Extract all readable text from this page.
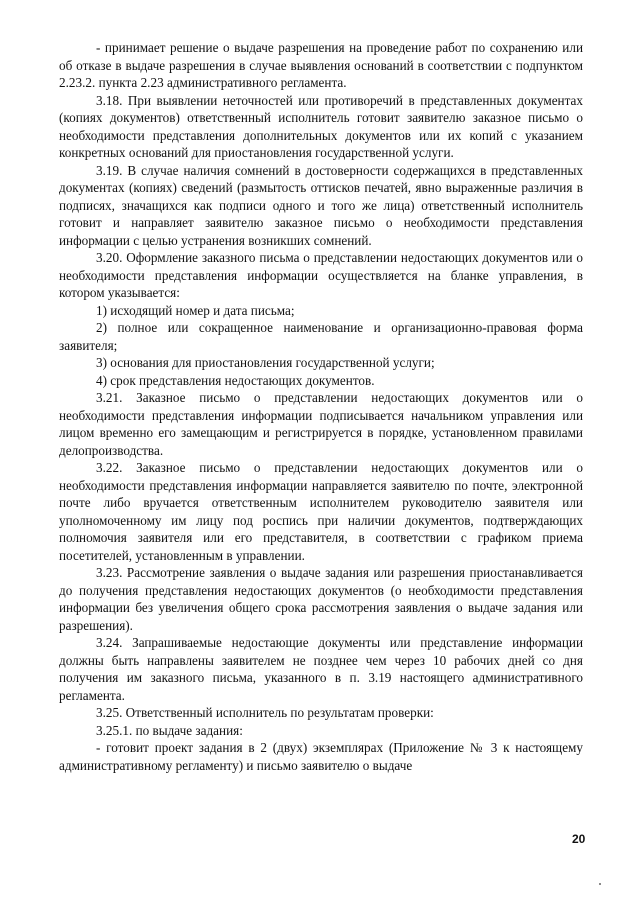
- принимает решение о выдаче разрешения на проведение работ по сохранению или об отказе в выдаче разрешения в случае выявления оснований в соответствии с подпунктом 2.23.2. пункта 2.23 административного регламента.

3.18. При выявлении неточностей или противоречий в представленных документах (копиях документов) ответственный исполнитель готовит заявителю заказное письмо о необходимости представления дополнительных документов или их копий с указанием конкретных оснований для приостановления государственной услуги.

3.19. В случае наличия сомнений в достоверности содержащихся в представленных документах (копиях) сведений (размытость оттисков печатей, явно выраженные различия в подписях, значащихся как подписи одного и того же лица) ответственный исполнитель готовит и направляет заявителю заказное письмо о необходимости представления информации с целью устранения возникших сомнений.

3.20. Оформление заказного письма о представлении недостающих документов или о необходимости представления информации осуществляется на бланке управления, в котором указывается:

1) исходящий номер и дата письма;

2) полное или сокращенное наименование и организационно-правовая форма заявителя;

3) основания для приостановления государственной услуги;

4) срок представления недостающих документов.

3.21. Заказное письмо о представлении недостающих документов или о необходимости представления информации подписывается начальником управления или лицом временно его замещающим и регистрируется в порядке, установленном правилами делопроизводства.

3.22. Заказное письмо о представлении недостающих документов или о необходимости представления информации направляется заявителю по почте, электронной почте либо вручается ответственным исполнителем руководителю заявителя или уполномоченному им лицу под роспись при наличии документов, подтверждающих полномочия заявителя или его представителя, в соответствии с графиком приема посетителей, установленным в управлении.

3.23. Рассмотрение заявления о выдаче задания или разрешения приостанавливается до получения представления недостающих документов (о необходимости представления информации без увеличения общего срока рассмотрения заявления о выдаче задания или разрешения).

3.24. Запрашиваемые недостающие документы или представление информации должны быть направлены заявителем не позднее чем через 10 рабочих дней со дня получения им заказного письма, указанного в п. 3.19 настоящего административного регламента.

3.25. Ответственный исполнитель по результатам проверки:

3.25.1. по выдаче задания:

- готовит проект задания в 2 (двух) экземплярах (Приложение № 3 к настоящему административному регламенту) и письмо заявителю о выдаче

20
